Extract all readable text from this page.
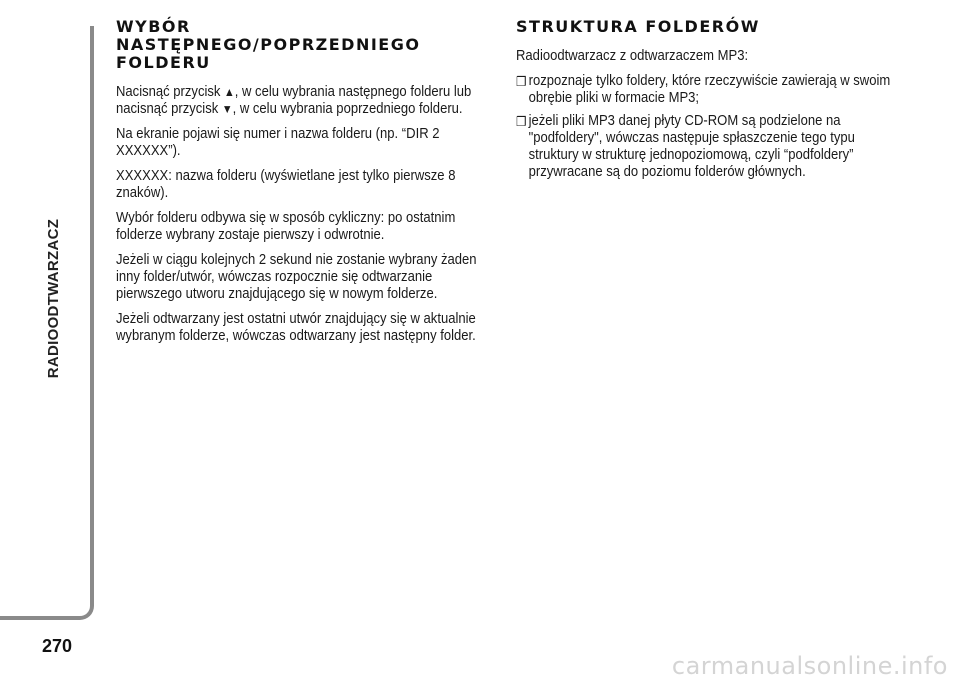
RADIOODTWARZACZ
270
WYBÓR
NASTĘPNEGO/POPRZEDNIEGO
FOLDERU

Nacisnąć przycisk ▲, w celu wybrania następnego folderu lub nacisnąć przycisk ▼, w celu wybrania poprzedniego folderu.

Na ekranie pojawi się numer i nazwa folderu (np. “DIR 2 XXXXXX”).

XXXXXX: nazwa folderu (wyświetlane jest tylko pierwsze 8 znaków).

Wybór folderu odbywa się w sposób cykliczny: po ostatnim folderze wybrany zostaje pierwszy i odwrotnie.

Jeżeli w ciągu kolejnych 2 sekund nie zostanie wybrany żaden inny folder/utwór, wówczas rozpocznie się odtwarzanie pierwszego utworu znajdującego się w nowym folderze.

Jeżeli odtwarzany jest ostatni utwór znajdujący się w aktualnie wybranym folderze, wówczas odtwarzany jest następny folder.

STRUKTURA FOLDERÓW

Radioodtwarzacz z odtwarzaczem MP3:

❒ rozpoznaje tylko foldery, które rzeczywiście zawierają w swoim obrębie pliki w formacie MP3;
❒ jeżeli pliki MP3 danej płyty CD-ROM są podzielone na "podfoldery", wówczas następuje spłaszczenie tego typu struktury w strukturę jednopoziomową, czyli “podfoldery” przywracane są do poziomu folderów głównych.
carmanualsonline.info
